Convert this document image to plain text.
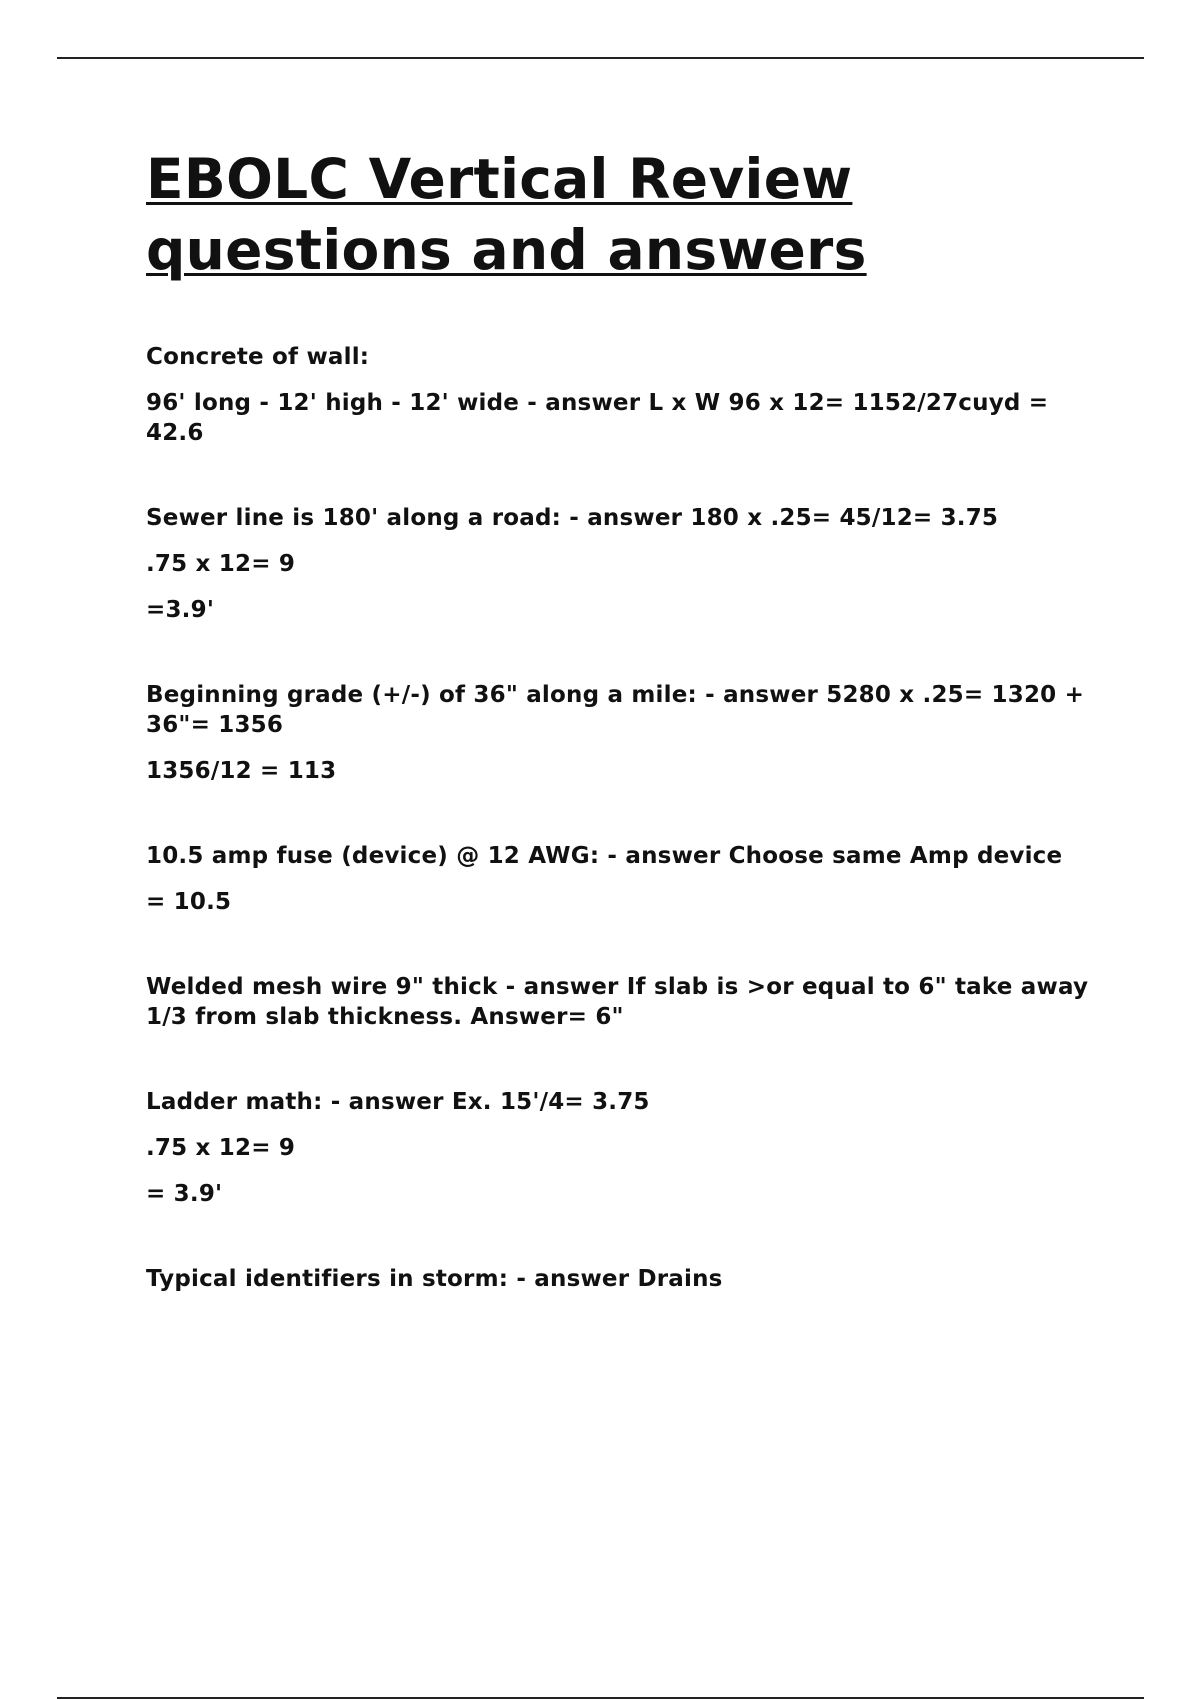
EBOLC Vertical Review
questions and answers

Concrete of wall:

96' long - 12' high - 12' wide - answer L x W 96 x 12= 1152/27cuyd = 42.6

Sewer line is 180' along a road: - answer 180 x .25= 45/12= 3.75

.75 x 12= 9

=3.9'

Beginning grade (+/-) of 36" along a mile: - answer 5280 x .25= 1320 + 36"= 1356

1356/12 = 113

10.5 amp fuse (device) @ 12 AWG: - answer Choose same Amp device

= 10.5

Welded mesh wire 9" thick - answer If slab is >or equal to 6" take away 1/3 from slab thickness. Answer= 6"

Ladder math: - answer Ex. 15'/4= 3.75

.75 x 12= 9

= 3.9'

Typical identifiers in storm: - answer Drains
